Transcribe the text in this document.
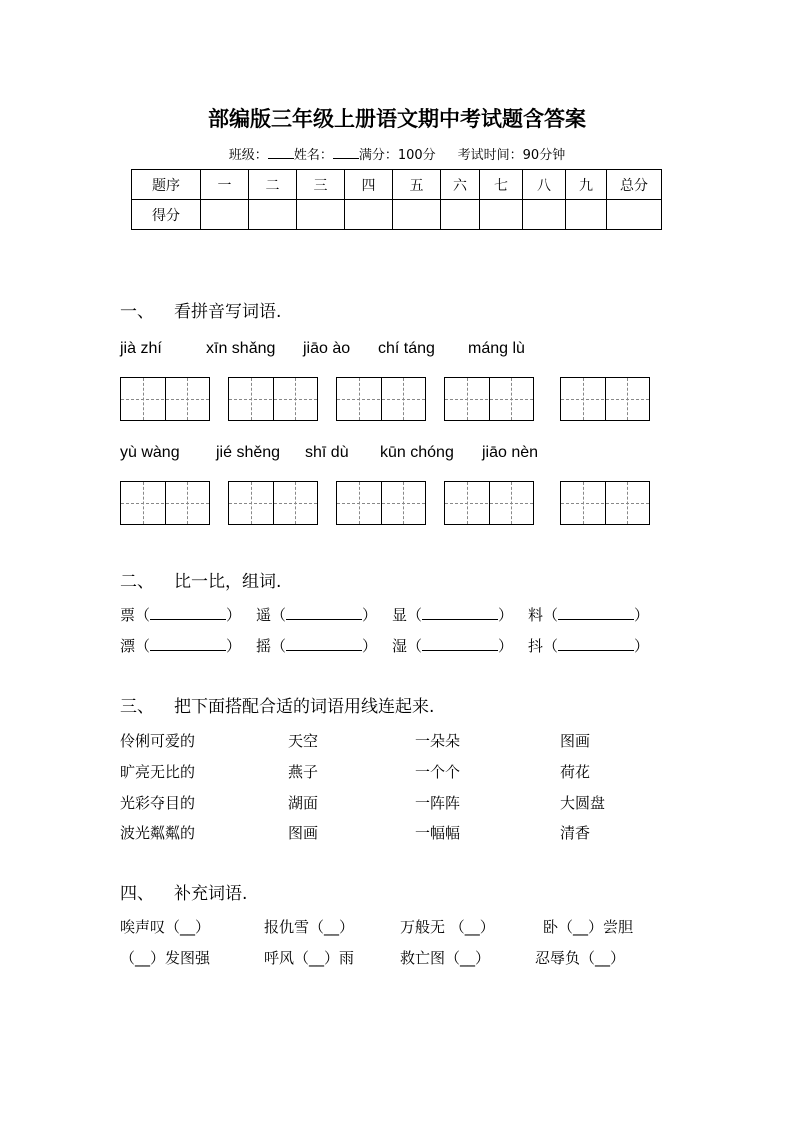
部编版三年级上册语文期中考试题含答案
班级： 姓名： 满分：100分 考试时间：90分钟
题序	一	二	三	四	五	六	七	八	九	总分
得分										
一、 看拼音写词语.
jià zhí	xīn shǎng jiāo ào chí táng máng lù
yù wàng jié shěng shī dù kūn chóng jiāo nèn
二、 比一比，组词.
票（	） 遥（	） 显（	） 料（	）
漂（	） 摇（	） 湿（	） 抖（	）
三、 把下面搭配合适的词语用线连起来.
伶俐可爱的	天空	一朵朵	图画
旷亮无比的	燕子	一个个	荷花
光彩夺目的	湖面	一阵阵	大圆盘
波光粼粼的	图画	一幅幅	清香
四、 补充词语.
唉声叹（__）	报仇雪（__）	万般无 （__）	卧（__）尝胆
（__）发图强	呼风（__）雨	救亡图（__）	忍辱负（__）
